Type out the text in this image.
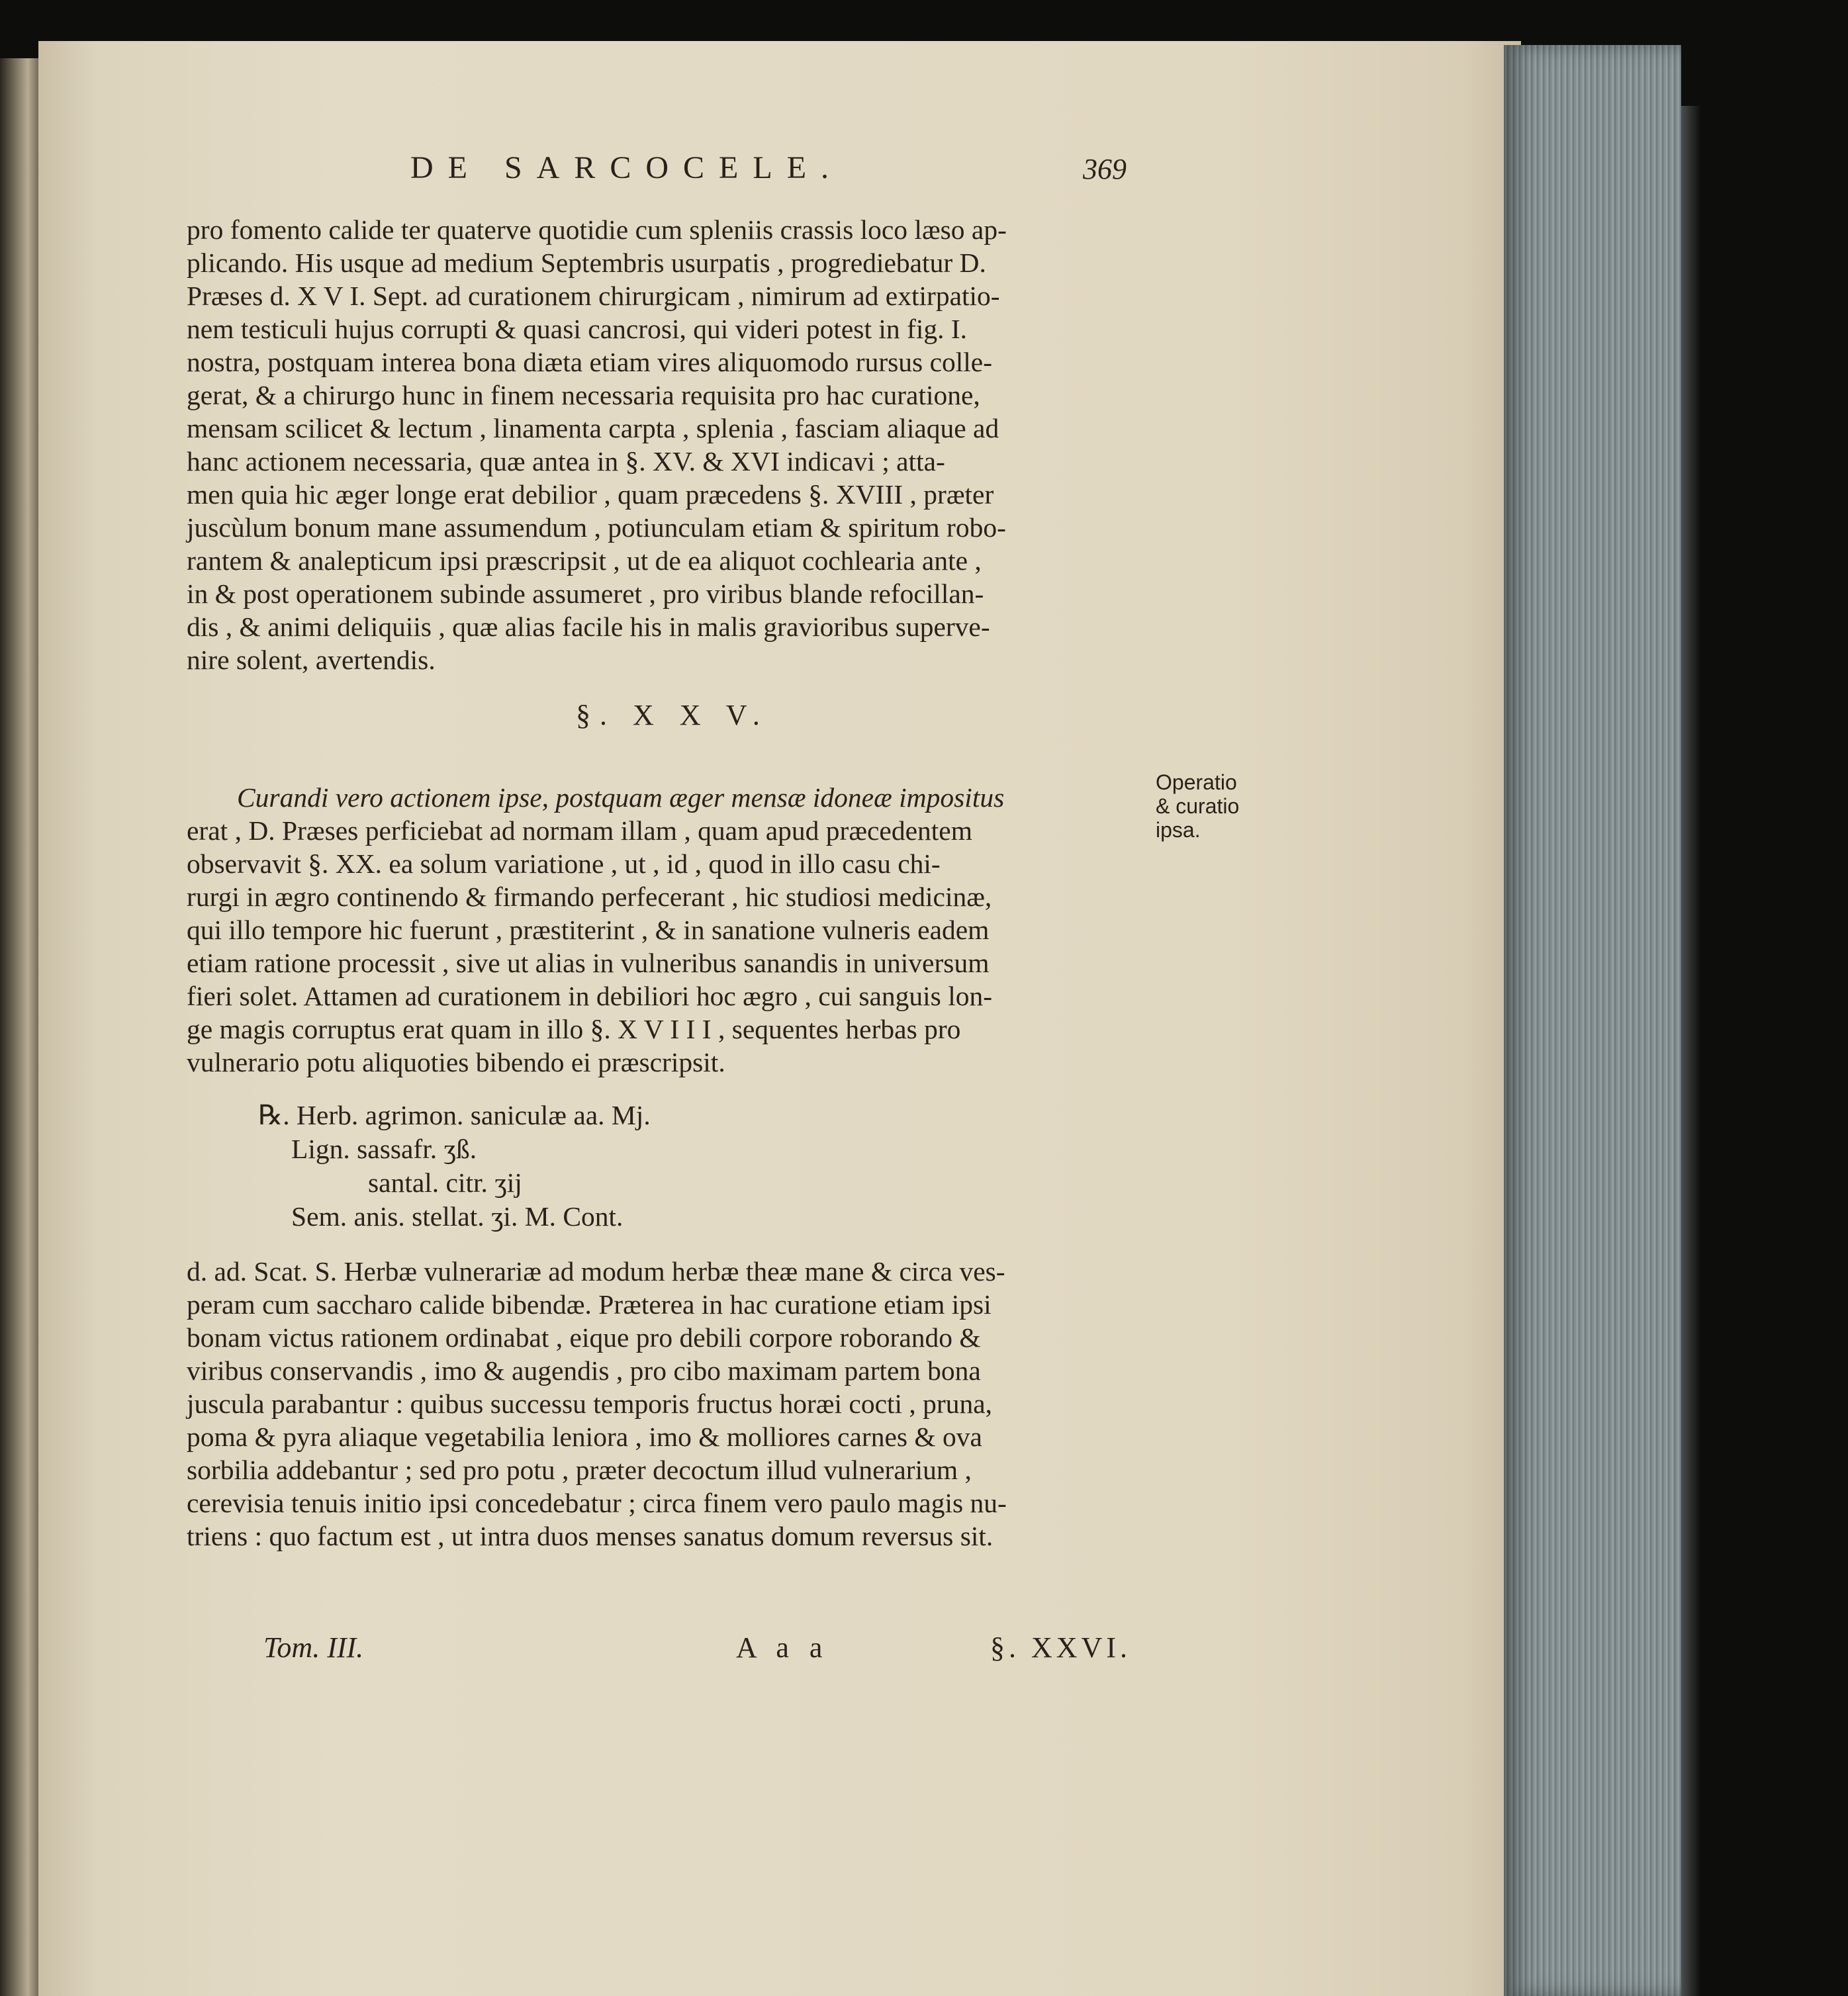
DE SARCOCELE.	369
pro fomento calide ter quaterve quotidie cum spleniis crassis loco læso ap-
plicando. His usque ad medium Septembris usurpatis , progrediebatur D.
Præses d. X V I. Sept. ad curationem chirurgicam , nimirum ad extirpatio-
nem testiculi hujus corrupti & quasi cancrosi, qui videri potest in fig. I.
nostra, postquam interea bona diæta etiam vires aliquomodo rursus colle-
gerat, & a chirurgo hunc in finem necessaria requisita pro hac curatione,
mensam scilicet & lectum , linamenta carpta , splenia , fasciam aliaque ad
hanc actionem necessaria, quæ antea in §. XV. & XVI indicavi ; atta-
men quia hic æger longe erat debilior , quam præcedens §. XVIII , præter
juscùlum bonum mane assumendum , potiunculam etiam & spiritum robo-
rantem & analepticum ipsi præscripsit , ut de ea aliquot cochlearia ante ,
in & post operationem subinde assumeret , pro viribus blande refocillan-
dis , & animi deliquiis , quæ alias facile his in malis gravioribus superve-
nire solent, avertendis.
§. X X V.
Operatio
& curatio
ipsa.
Curandi vero actionem ipse, postquam æger mensæ idoneæ impositus
erat , D. Præses perficiebat ad normam illam , quam apud præcedentem
observavit §. XX. ea solum variatione , ut , id , quod in illo casu chi-
rurgi in ægro continendo & firmando perfecerant , hic studiosi medicinæ,
qui illo tempore hic fuerunt , præstiterint , & in sanatione vulneris eadem
etiam ratione processit , sive ut alias in vulneribus sanandis in universum
fieri solet. Attamen ad curationem in debiliori hoc ægro , cui sanguis lon-
ge magis corruptus erat quam in illo §. X V I I I , sequentes herbas pro
vulnerario potu aliquoties bibendo ei præscripsit.
℞. Herb. agrimon. saniculæ aa. Mj.
Lign. sassafr. ʒß.
santal. citr. ʒij
Sem. anis. stellat. ʒi. M. Cont.
d. ad. Scat. S. Herbæ vulnerariæ ad modum herbæ theæ mane & circa ves-
peram cum saccharo calide bibendæ. Præterea in hac curatione etiam ipsi
bonam victus rationem ordinabat , eique pro debili corpore roborando &
viribus conservandis , imo & augendis , pro cibo maximam partem bona
juscula parabantur : quibus successu temporis fructus horæi cocti , pruna,
poma & pyra aliaque vegetabilia leniora , imo & molliores carnes & ova
sorbilia addebantur ; sed pro potu , præter decoctum illud vulnerarium ,
cerevisia tenuis initio ipsi concedebatur ; circa finem vero paulo magis nu-
triens : quo factum est , ut intra duos menses sanatus domum reversus sit.
Tom. III.	A a a	§. XXVI.
